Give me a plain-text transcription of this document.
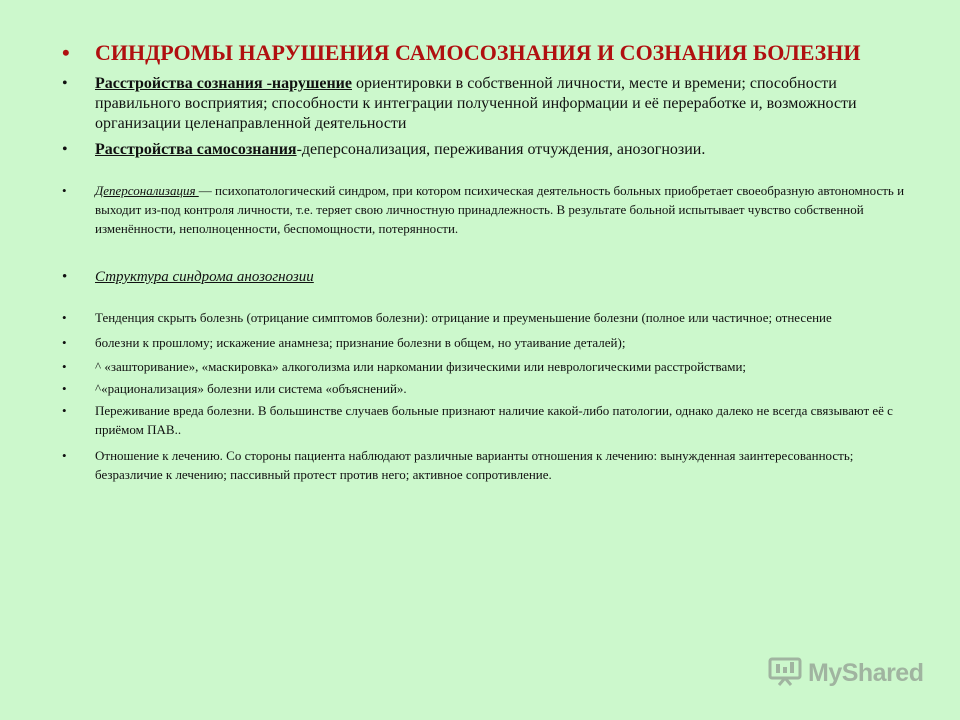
• СИНДРОМЫ НАРУШЕНИЯ САМОСОЗНАНИЯ И СОЗНАНИЯ БОЛЕЗНИ
• Расстройства сознания -нарушение ориентировки в собственной личности, месте и времени; способности правильного восприятия; способности к интеграции полученной информации и её переработке и, возможности организации целенаправленной деятельности
• Расстройства самосознания-деперсонализация, переживания отчуждения, анозогнозии.
• Деперсонализация — психопатологический синдром, при котором психическая деятельность больных приобретает своеобразную автономность и выходит из-под контроля личности, т.е. теряет свою личностную принадлежность. В результате больной испытывает чувство собственной изменённости, неполноценности, беспомощности, потерянности.
• Структура синдрома анозогнозии
• Тенденция скрыть болезнь (отрицание симптомов болезни): отрицание и преуменьшение болезни (полное или частичное; отнесение
• болезни к прошлому; искажение анамнеза; признание болезни в общем, но утаивание деталей);
• ^ «зашторивание», «маскировка» алкоголизма или наркомании физическими или неврологическими расстройствами;
• ^«рационализация» болезни или система «объяснений».
• Переживание вреда болезни. В большинстве случаев больные признают наличие какой-либо патологии, однако далеко не всегда связывают её с приёмом ПАВ..
• Отношение к лечению. Со стороны пациента наблюдают различные варианты отношения к лечению: вынужденная заинтересованность; безразличие к лечению; пассивный протест против него; активное сопротивление.
MyShared
